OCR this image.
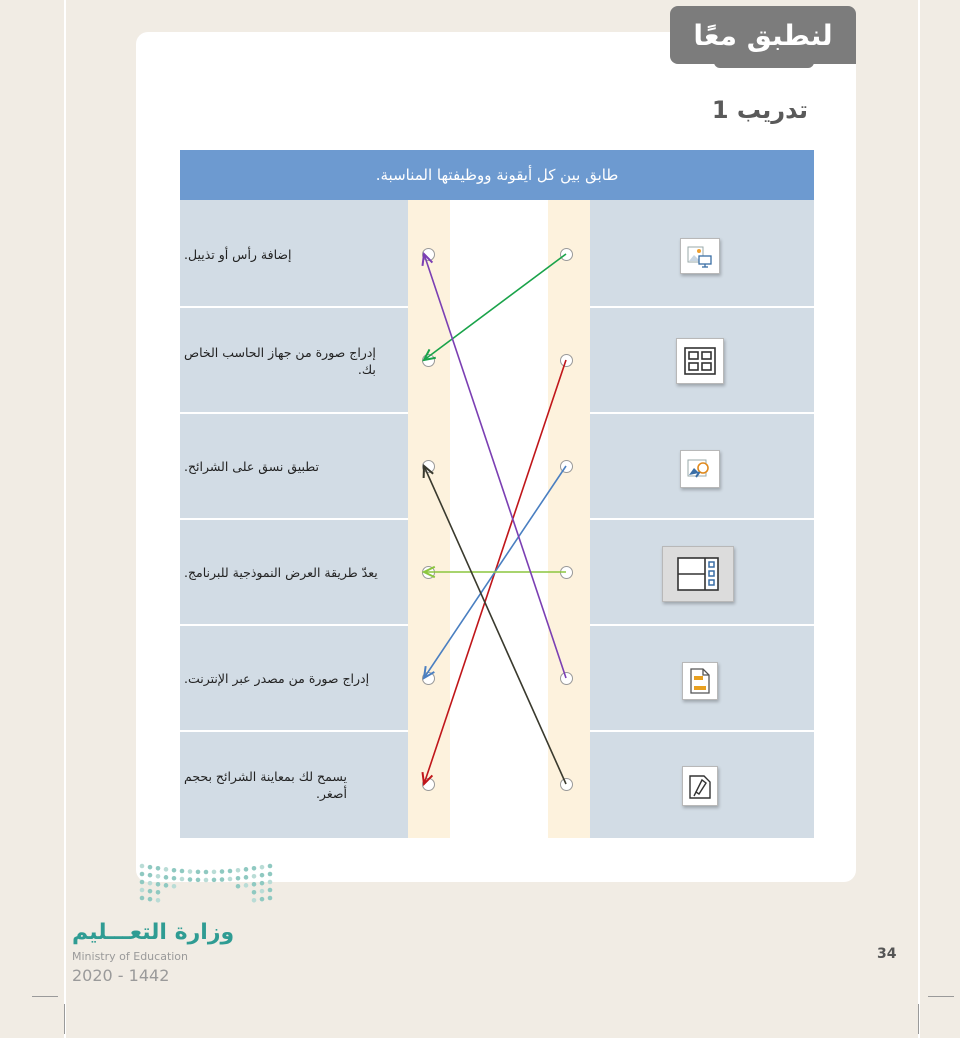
لنطبق معًا
تدريب 1
طابق بين كل أيقونة ووظيفتها المناسبة.
إضافة رأس أو تذييل.
إدراج صورة من جهاز الحاسب الخاص
بك.
تطبيق نسق على الشرائح.
يعدّ طريقة العرض النموذجية للبرنامج.
إدراج صورة من مصدر عبر الإنترنت.
يسمح لك بمعاينة الشرائح بحجم
أصغر.
وزارة التعـــليم
Ministry of Education
2020 - 1442
34
